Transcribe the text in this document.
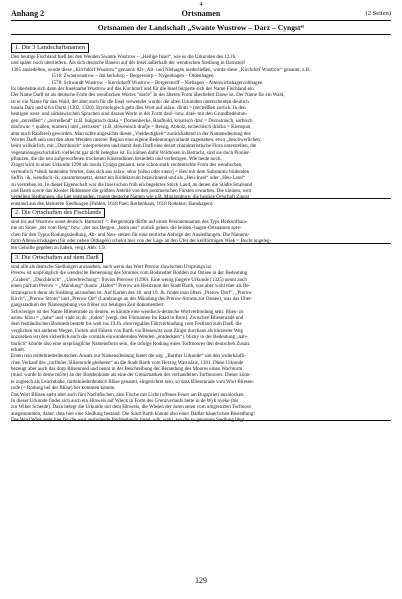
4
Anhang 2	Ortsnamen	(2 Seiten)
Ortsnamen der Landschaft „Swante Wustrow – Darz – Cyngst“
1. Die 3 Landschaftsnamen
Den heutige Fischland hieß bei den Wenden Swante Wustrow – „Heilige Insel“, wie es die Urkunden des 13.Jh.
und später noch überliefern. Als sich deutsche Bauern auf der Insel außerhalb der wendischen Siedlung in Barnstorf
1385 ansiedelten, wurde diese „Kirchdorf Wustrow“ genannt. Alt-, Alt- und Niehagen niederließen, wurde diese „Kirchdorf Wustrow“ genannt, z.B.:
1516: Zwantwustrow – dat kerkdorp – Bergerstorp – Nygenhagen – Oldenhagen
1578: Schwandt Wustrow – Kerckdorff Wustrow – Bergerstorff – Niehagen – Altenwichshagen/olthagen
Es überlebte sich dann der Inselname Wustrow auf das Kirchdorf und für die Insel bürgerte sich der Name Fischland ein.
Der Name Darß ist als deutsche Form des wendischen Wortes "darče" In der älteren Form überliefert Darse ist. Der Name für ein Wald,
ist er ein Name für den Wald, der aber auch für die Insel verwendet wurde: die alten Urkunden unterscheiden deutlich
insula Darz und silva Dartz (1302, 1326). Etymologisch geht dies Wort auf aslaw. dĭrati = (zer)reißen zurück. In den
heutigen west- und südslawischen Sprachen sind daraus Worte in der Form darč- bzw. draě- mit den Grundbedeutun-
gen „zerreißen“ / „zerreißend“ (z.B. bulgarisch draka = Dornenhecke, Raufbold, kroatisch drač = Dornstrauch, sorbisch
dračowac = quälen, martern) und „zerrissen“ (z.B. slowenisch dračje = Reisig, Abholz, tschechisch dráčka = Kienspan,
aber auch Raufereí) geworden. Man sollte angesichts dieser „Vieldeutigkeit“ zurückhaltend in der Namensdeutung des
Wortes Darß sein und den alten Wenden unserer Region eine eigene Bedeutungsvariante zugestehen, etwa „beschwerlichen,
beim willkürlich, mit „Dornbusch“ interpretieren und damit dem Darß eine derart charakteristische Flora unterstellen, die
vegetationsgeschichtlich vielleicht gar nicht belegbar ist. Es kämen dafür Wildrosen in Betracht, sind sie doch Pionier-
pflanzen, die die neu aufgeworfenen trockenen Küstendünen besiedeln und verfestigen. Wie heute noch.
Zingst wird in einer Urkunde 1290 als insula Cyngst genannt, eine schon stark verdeutschte Form des wendischen,
vermutlich *sěnik lautenden Wortes, dass sich aus aslaw. sěno [siěno oder sieno] = Heu mit dem Substantiv bildenden
Suffix -ik, wendisch -ik, zusammensetzt, derart ein Kollektivum bezeichnend und als „Heu-Insel“ oder „Heu-Land“
zu verstehen ist. In dieser Eigenschaft war die Insel schon früh ein begehrtes Stück Land, an denen die Städte Stralsund
und Barth sowie das Kloster Hiddensee die größten Anteile von den pommerschen Fürsten erwarben. Die kleinen, weit
verteilten Siedlungen, die hier entstanden, trugen deutsche Namen wie z.B. Müggenburg; die heutige Ortschaft Zingst
entstand aus den kleineren Siedlungen (Pahlen, 1618 Pael; Rothenhaus, 1618 Rodehus; Hanshagen).
2. Die Ortschaften des Fischlands
sind bis auf Wustrow sonst deutsch. Barnstorf <: Bergerstorp dürfte auf einen Personennamen des Typs Herkunftsna-
me im Sinne „der vom Berg“ bzw. „der aus Bergen, „beim uns“ zurück gehen, die beiden -hagen-Ortsnamen spre-
chen für den Typus Rodungssiedlung, Alt- und Neu- stehen für eine zeitliche Abfolge der Ansiedlungen. Die Namens-
form Altenwichshagen (für oder neben Olthagen) scheint hier von der Lage an den Ufer der keilförmigen Wiek = Bucht angeleg-
ten Gehöfte gegeben zu haben, vergl. Abb. 1.9.
3. Die Ortschaften auf dem Darß
sind alle als deutsche Siedlungen anzusehen, auch wenn das Wort Prerow slawischen Ursprungs ist.
Prerow ist ursprünglich die wendische Benennung des Stromes vom Bodstedter Bodden zur Ostsee in der Bedeutung
„Graben“, „Durchbruch“, „Unterbrechung“: fluvius Prerowe (1296). Eine wenig jüngere Urkunde (1325) nennt auch
einen portum Prerow = „Mündung“ (kaum „Hafen“! Prerow als Besitztum der Stadt Barth, was aber wohl eher als Be-
sitzanspruch denn als Siedlung anzusehen ist. Auf Karten des 18. und 19. Jh. findet man öfters „Prerow Dorf“, „Prerow
Kirch“, „Prerow Strom“ und „Prerow Ort“ (Landzunge an der Mündung des Prerow-Stroms zur Ostsee), was das Über-
gangsstadium der Namengebung von früher zur heutigen Zeit dokumentiert.
Schwieriger ist der Name Bliesenrade zu deuten, es könnte eine wendisch-deutsche Wortverbindung sein: Blies- zu
aslaw. blizu = „nahe“ und -rade zu dt. „roden“ (vergl. den Flurnamen Im Raad in Born). Zwischen Bliesenrade und
dem festländischen Bodstedt besteht bis weit ins 19.Jh. eine reguläre Fährverbindung vom Festland zum Darß, die
verglichen mit anderen Wegen, Furten und Fähren von Barth via Bresewitz zum Zingst durchaus als kürzester Weg
anzusehen ist (den sicherlich auch die vormals einwandernden Wenden „entdeckten“). blizny in der Bedeutung „nah-
barlich“ könnte also eine ursprüngliche Namensform sein, die infolge Rodung eines Torfmoores den deutschen Zusatz
erhielt.
Einen rein mittelniederdeutschen Ansatz zur Namensdeutung bietet die sog. „Barther Urkunde“ um den widerkäufli-
chen Verkauf des „torfmôer, Blisenrode gheheten“ an die Stadt Barth vom Herzog Wartislaw, 1381. Diese Urkunde
bezeugt aber auch das dorp Blisenroed und nennt in der Beschreibung der Berandung des Moores einen Wachturm
(mnd. warde bi deme mô're) an der Boddenküste als eine der Grenzmarken des verhandelten Torfmoores. Dieser könn-
te zugleich als Leuchtbake, mittelniederdeutsch Blüse genannt, eingerichtet sein, so dass Bliesenrade vom Wort Bliesen-
rode (= Rodung bei der Blüse) her kommen könnte.
Das Wort Blüsen steht aber auch fürs Nachtfischen, also Fische mit Licht (offenes Feuer am Bugspriet) anzulocken.
In dieser Urkunde findet sich auch ein Hinweis auf Wieck in Form des Grenzverlaufs bette in de Wyk nyeke (bis
zur Wiker Scheide). Dazu belegt die Urkunde mit dem Hinweis, die Wiesen der Juren seien vom umgrenzten Torfmoor
ausgenommen, daher, dass hier eine Siedlung bestand. Die Stadt Barth könnte also einer Darßer bäuerlichen Besiedlung!
Das Wort Wiek steht hier für die weit ausholende Boddenbucht (mnd. wik, wyk), wo die so genannte Siedlung liegt.
129
